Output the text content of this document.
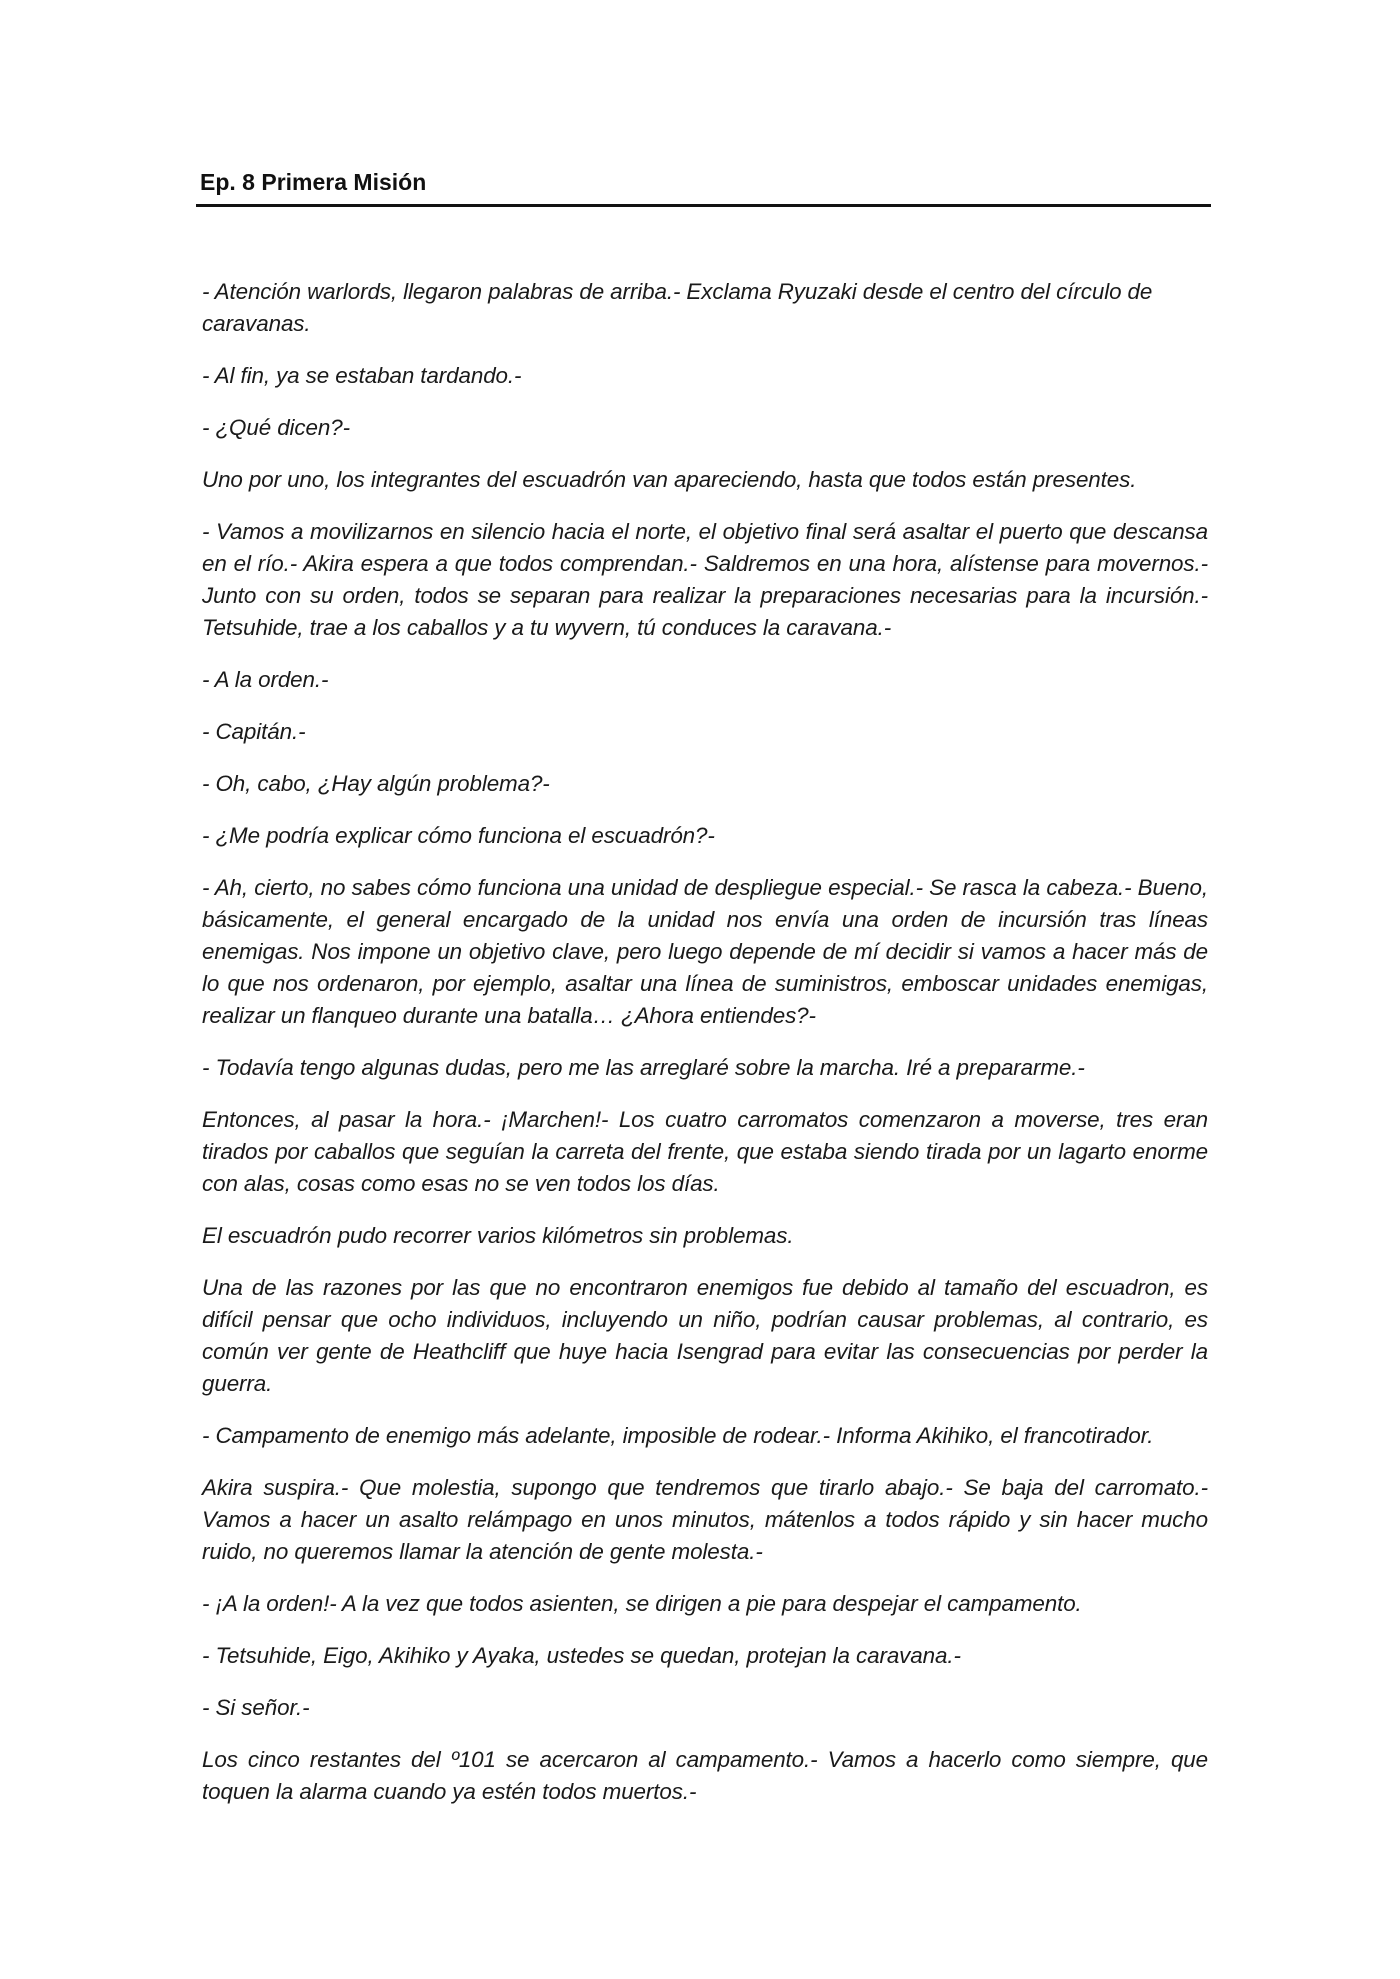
Ep. 8 Primera Misión

- Atención warlords, llegaron palabras de arriba.- Exclama Ryuzaki desde el centro del círculo de caravanas.

- Al fin, ya se estaban tardando.-

- ¿Qué dicen?-

Uno por uno, los integrantes del escuadrón van apareciendo, hasta que todos están presentes.

- Vamos a movilizarnos en silencio hacia el norte, el objetivo final será asaltar el puerto que descansa en el río.- Akira espera a que todos comprendan.- Saldremos en una hora, alístense para movernos.- Junto con su orden, todos se separan para realizar la preparaciones necesarias para la incursión.- Tetsuhide, trae a los caballos y a tu wyvern, tú conduces la caravana.-

- A la orden.-

- Capitán.-

- Oh, cabo, ¿Hay algún problema?-

- ¿Me podría explicar cómo funciona el escuadrón?-

- Ah, cierto, no sabes cómo funciona una unidad de despliegue especial.- Se rasca la cabeza.- Bueno, básicamente, el general encargado de la unidad nos envía una orden de incursión tras líneas enemigas. Nos impone un objetivo clave, pero luego depende de mí decidir si vamos a hacer más de lo que nos ordenaron, por ejemplo, asaltar una línea de suministros, emboscar unidades enemigas, realizar un flanqueo durante una batalla… ¿Ahora entiendes?-

- Todavía tengo algunas dudas, pero me las arreglaré sobre la marcha. Iré a prepararme.-

Entonces, al pasar la hora.- ¡Marchen!- Los cuatro carromatos comenzaron a moverse, tres eran tirados por caballos que seguían la carreta del frente, que estaba siendo tirada por un lagarto enorme con alas, cosas como esas no se ven todos los días.

El escuadrón pudo recorrer varios kilómetros sin problemas.

Una de las razones por las que no encontraron enemigos fue debido al tamaño del escuadron, es difícil pensar que ocho individuos, incluyendo un niño, podrían causar problemas, al contrario, es común ver gente de Heathcliff que huye hacia Isengrad para evitar las consecuencias por perder la guerra.

- Campamento de enemigo más adelante, imposible de rodear.- Informa Akihiko, el francotirador.

Akira suspira.- Que molestia, supongo que tendremos que tirarlo abajo.- Se baja del carromato.- Vamos a hacer un asalto relámpago en unos minutos, mátenlos a todos rápido y sin hacer mucho ruido, no queremos llamar la atención de gente molesta.-

- ¡A la orden!- A la vez que todos asienten, se dirigen a pie para despejar el campamento.

- Tetsuhide, Eigo, Akihiko y Ayaka, ustedes se quedan, protejan la caravana.-

- Si señor.-

Los cinco restantes del º101 se acercaron al campamento.- Vamos a hacerlo como siempre, que toquen la alarma cuando ya estén todos muertos.-
